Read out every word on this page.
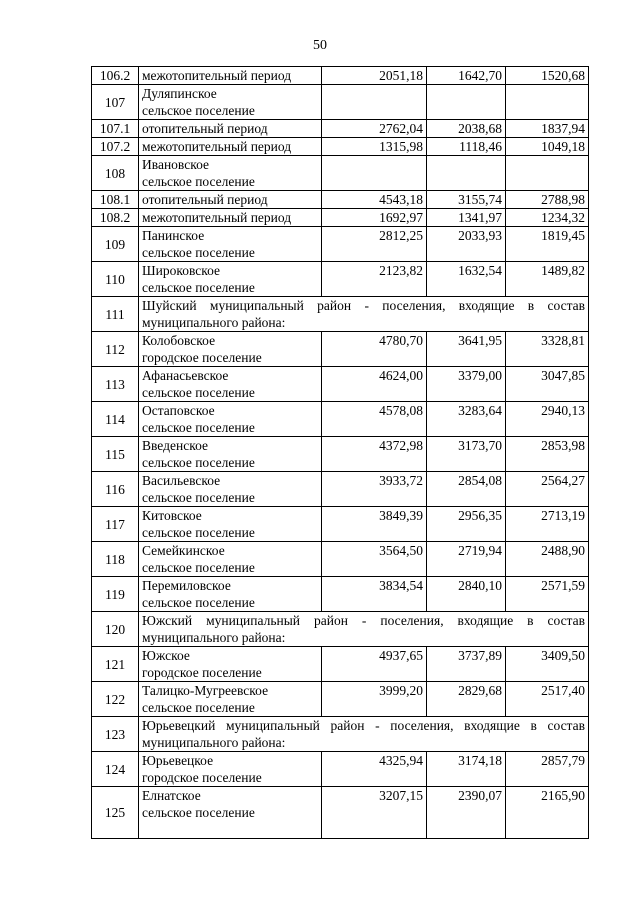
50
106.2	межотопительный период	2051,18	1642,70	1520,68
107	Дуляпинское
сельское поселение			

107.1	отопительный период	2762,04	2038,68	1837,94
107.2	межотопительный период	1315,98	1118,46	1049,18
108	Ивановское
сельское поселение			

108.1	отопительный период	4543,18	3155,74	2788,98
108.2	межотопительный период	1692,97	1341,97	1234,32
109	Панинское
сельское поселение	2812,25	2033,93	1819,45
110	Широковское
сельское поселение	2123,82	1632,54	1489,82
111	Шуйский муниципальный район - поселения, входящие в состав муниципального района:			
112	Колобовское
городское поселение	4780,70	3641,95	3328,81
113	Афанасьевское
сельское поселение	4624,00	3379,00	3047,85
114	Остаповское
сельское поселение	4578,08	3283,64	2940,13
115	Введенское
сельское поселение	4372,98	3173,70	2853,98
116	Васильевское
сельское поселение	3933,72	2854,08	2564,27
117	Китовское
сельское поселение	3849,39	2956,35	2713,19
118	Семейкинское
сельское поселение	3564,50	2719,94	2488,90
119	Перемиловское
сельское поселение	3834,54	2840,10	2571,59
120	Южский муниципальный район - поселения, входящие в состав муниципального района:			
121	Южское
городское поселение	4937,65	3737,89	3409,50
122	Талицко-Мугреевское
сельское поселение	3999,20	2829,68	2517,40
123	Юрьевецкий муниципальный район - поселения, входящие в состав муниципального района:			
124	Юрьевецкое
городское поселение	4325,94	3174,18	2857,79
125	Елнатское
сельское поселение	3207,15	2390,07	2165,90
